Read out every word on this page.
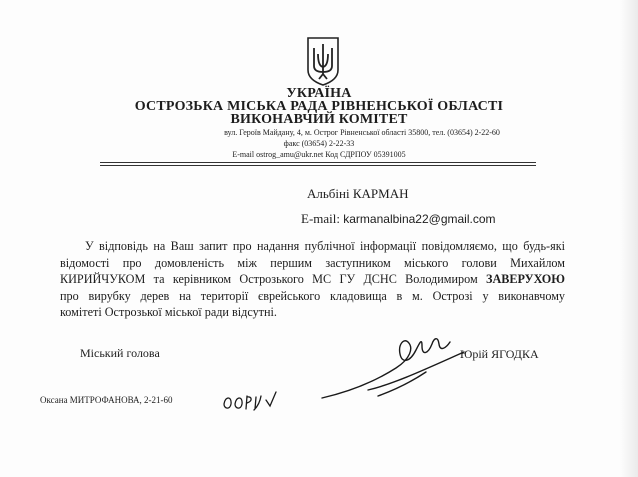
УКРАЇНА
ОСТРОЗЬКА МІСЬКА РАДА РІВНЕНСЬКОЇ ОБЛАСТІ
ВИКОНАВЧИЙ КОМІТЕТ
вул. Героїв Майдану, 4, м. Острог Рівненської області 35800, тел. (03654) 2-22-60
факс (03654) 2-22-33
E-mail ostrog_amu@ukr.net Код СДРПОУ 05391005
Альбіні КАРМАН
E-mail: karmanalbina22@gmail.com
У відповідь на Ваш запит про надання публічної інформації повідомляємо, що будь-які
відомості про домовленість між першим заступником міського голови Михайлом
КИРИЙЧУКОМ та керівником Острозького МС ГУ ДСНС Володимиром ЗАВЕРУХОЮ
про вирубку дерев на території єврейського кладовища в м. Острозі у виконавчому
комітеті Острозької міської ради відсутні.
Міський голова	Юрій ЯГОДКА
Оксана МИТРОФАНОВА, 2-21-60
